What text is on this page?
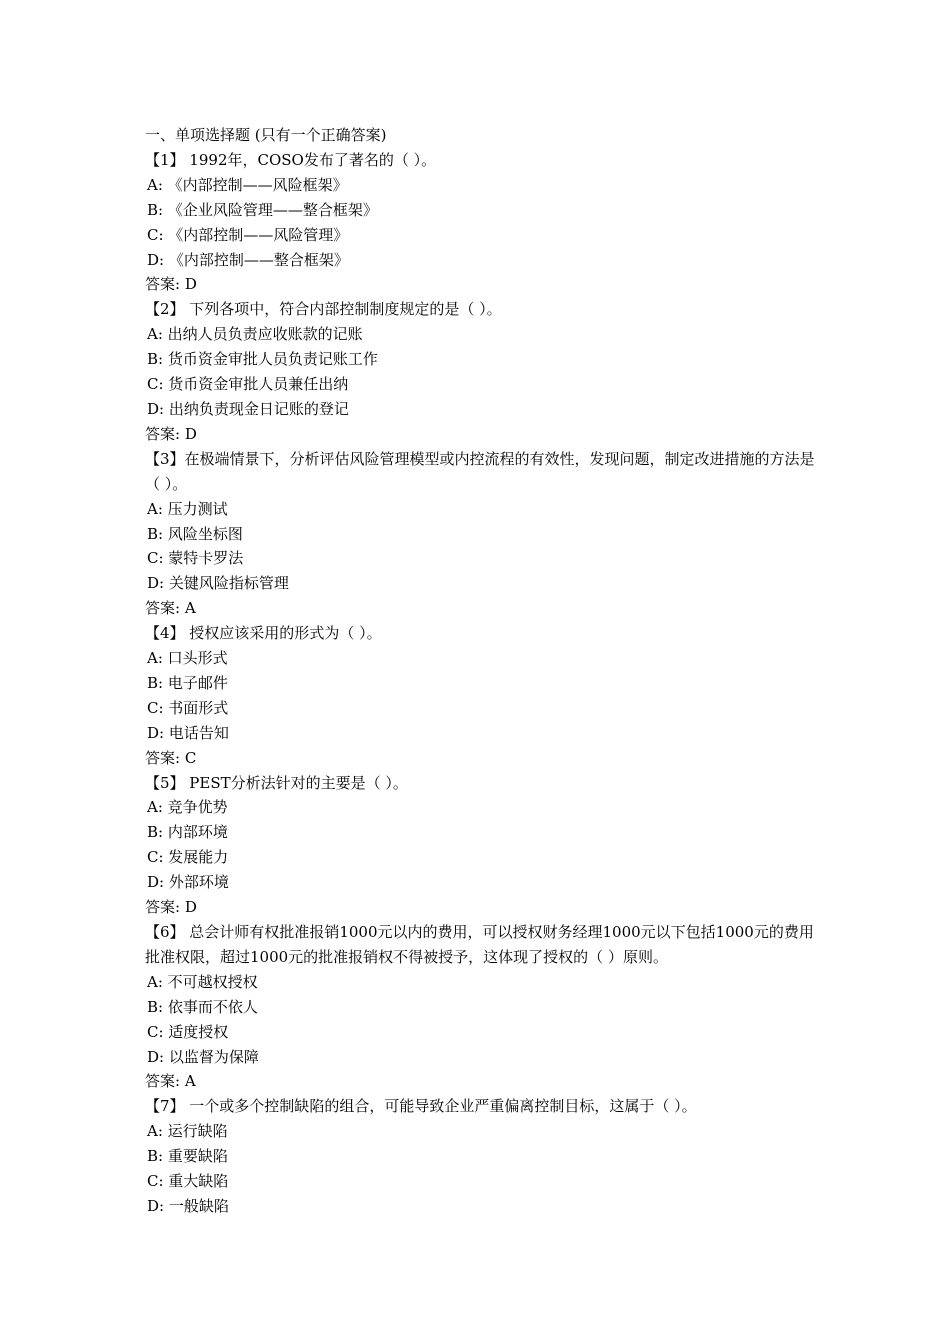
一、单项选择题 (只有一个正确答案)
【1】 1992年，COSO发布了著名的（ ）。
A: 《内部控制——风险框架》
B: 《企业风险管理——整合框架》
C: 《内部控制——风险管理》
D: 《内部控制——整合框架》
答案: D
【2】 下列各项中，符合内部控制制度规定的是（ ）。
A: 出纳人员负责应收账款的记账
B: 货币资金审批人员负责记账工作
C: 货币资金审批人员兼任出纳
D: 出纳负责现金日记账的登记
答案: D
【3】在极端情景下，分析评估风险管理模型或内控流程的有效性，发现问题，制定改进措施的方法是（ ）。
A: 压力测试
B: 风险坐标图
C: 蒙特卡罗法
D: 关键风险指标管理
答案: A
【4】 授权应该采用的形式为（ ）。
A: 口头形式
B: 电子邮件
C: 书面形式
D: 电话告知
答案: C
【5】 PEST分析法针对的主要是（ ）。
A: 竞争优势
B: 内部环境
C: 发展能力
D: 外部环境
答案: D
【6】 总会计师有权批准报销1000元以内的费用，可以授权财务经理1000元以下包括1000元的费用批准权限，超过1000元的批准报销权不得被授予，这体现了授权的（ ）原则。
A: 不可越权授权
B: 依事而不依人
C: 适度授权
D: 以监督为保障
答案: A
【7】 一个或多个控制缺陷的组合，可能导致企业严重偏离控制目标，这属于（ ）。
A: 运行缺陷
B: 重要缺陷
C: 重大缺陷
D: 一般缺陷
